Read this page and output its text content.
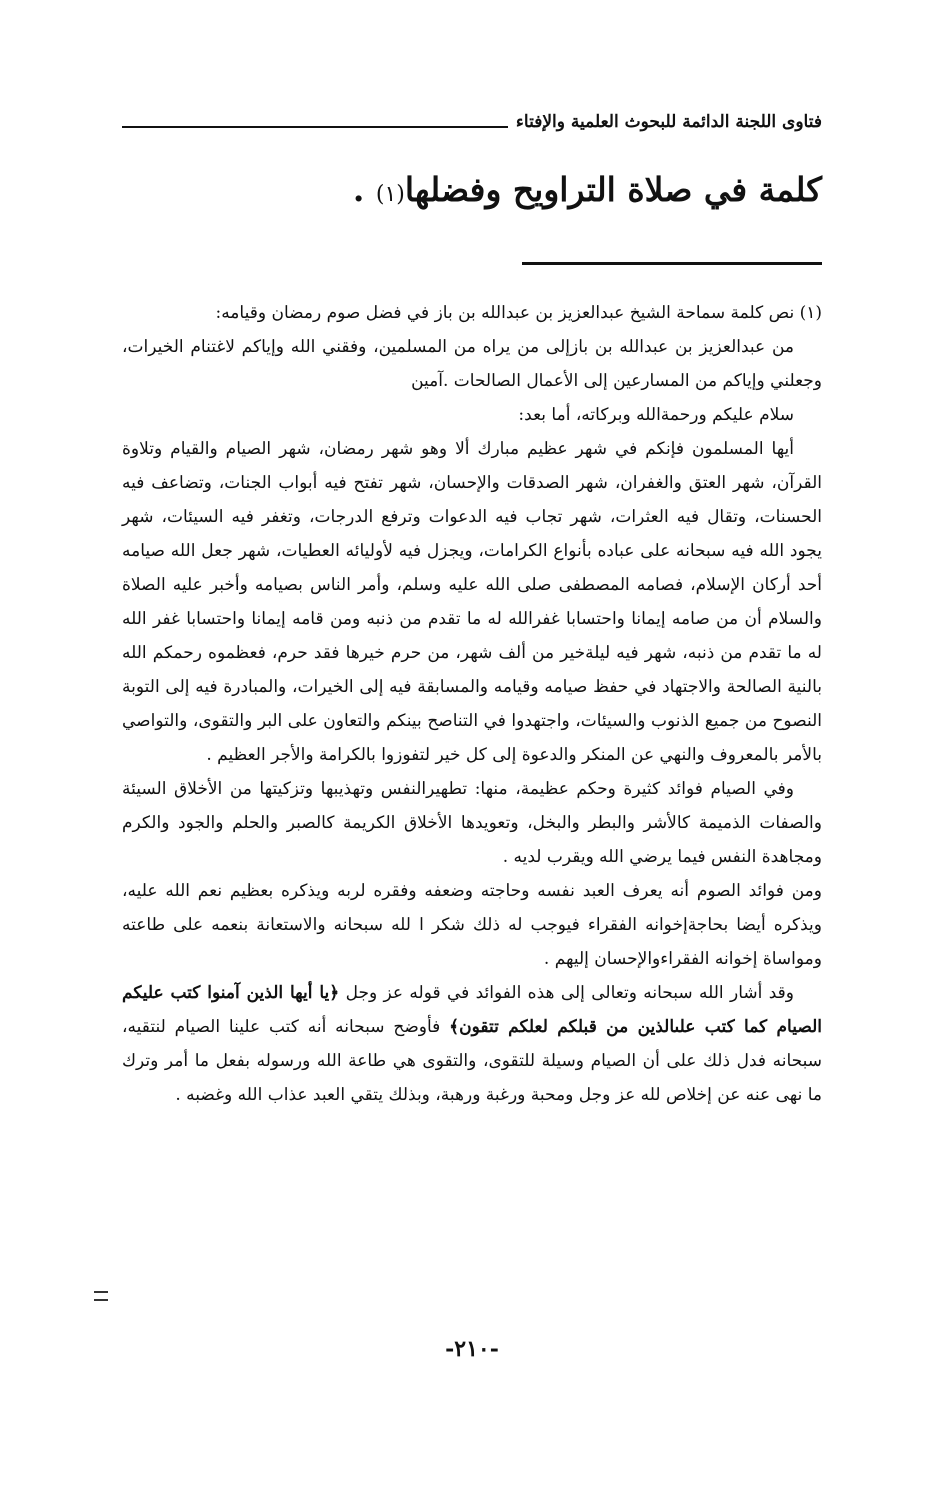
فتاوى اللجنة الدائمة للبحوث العلمية والإفتاء
كلمة في صلاة التراويح وفضلها(١) .

(١) نص كلمة سماحة الشيخ عبدالعزيز بن عبدالله بن باز في فضل صوم رمضان وقيامه:

من عبدالعزيز بن عبدالله بن بازإلى من يراه من المسلمين، وفقني الله وإياكم لاغتنام الخيرات، وجعلني وإياكم من المسارعين إلى الأعمال الصالحات .آمين

سلام عليكم ورحمةالله وبركاته، أما بعد:

أيها المسلمون فإنكم في شهر عظيم مبارك ألا وهو شهر رمضان، شهر الصيام والقيام وتلاوة القرآن، شهر العتق والغفران، شهر الصدقات والإحسان، شهر تفتح فيه أبواب الجنات، وتضاعف فيه الحسنات، وتقال فيه العثرات، شهر تجاب فيه الدعوات وترفع الدرجات، وتغفر فيه السيئات، شهر يجود الله فيه سبحانه على عباده بأنواع الكرامات، ويجزل فيه لأوليائه العطيات، شهر جعل الله صيامه أحد أركان الإسلام، فصامه المصطفى صلى الله عليه وسلم، وأمر الناس بصيامه وأخبر عليه الصلاة والسلام أن من صامه إيمانا واحتسابا غفرالله له ما تقدم من ذنبه ومن قامه إيمانا واحتسابا غفر الله له ما تقدم من ذنبه، شهر فيه ليلةخير من ألف شهر، من حرم خيرها فقد حرم، فعظموه رحمكم الله بالنية الصالحة والاجتهاد في حفظ صيامه وقيامه والمسابقة فيه إلى الخيرات، والمبادرة فيه إلى التوبة النصوح من جميع الذنوب والسيئات، واجتهدوا في التناصح بينكم والتعاون على البر والتقوى، والتواصي بالأمر بالمعروف والنهي عن المنكر والدعوة إلى كل خير لتفوزوا بالكرامة والأجر العظيم .

وفي الصيام فوائد كثيرة وحكم عظيمة، منها: تطهيرالنفس وتهذيبها وتزكيتها من الأخلاق السيئة والصفات الذميمة كالأشر والبطر والبخل، وتعويدها الأخلاق الكريمة كالصبر والحلم والجود والكرم ومجاهدة النفس فيما يرضي الله ويقرب لديه .

ومن فوائد الصوم أنه يعرف العبد نفسه وحاجته وضعفه وفقره لربه ويذكره بعظيم نعم الله عليه، ويذكره أيضا بحاجةإخوانه الفقراء فيوجب له ذلك شكر ا لله سبحانه والاستعانة بنعمه على طاعته ومواساة إخوانه الفقراءوالإحسان إليهم .

وقد أشار الله سبحانه وتعالى إلى هذه الفوائد في قوله عز وجل ﴿يا أيها الذين آمنوا كتب عليكم الصيام كما كتب علىالذين من قبلكم لعلكم تتقون﴾ فأوضح سبحانه أنه كتب علينا الصيام لنتقيه، سبحانه فدل ذلك على أن الصيام وسيلة للتقوى، والتقوى هي طاعة الله ورسوله بفعل ما أمر وترك ما نهى عنه عن إخلاص لله عز وجل ومحبة ورغبة ورهبة، وبذلك يتقي العبد عذاب الله وغضبه .

-٢١٠-
